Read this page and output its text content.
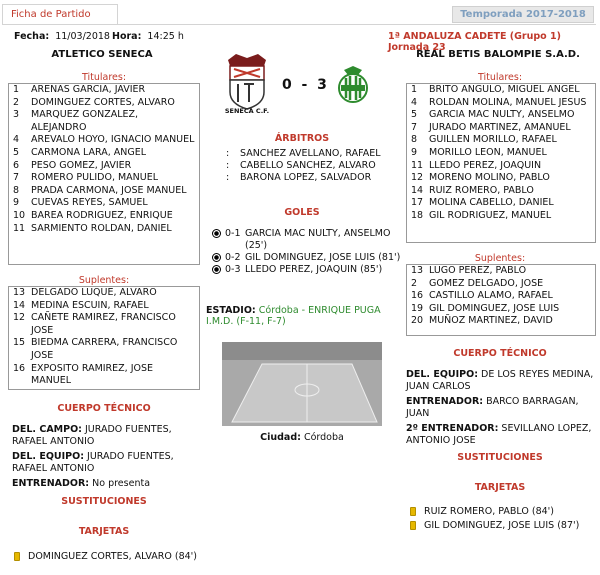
Ficha de Partido	Temporada 2017-2018
Fecha: 11/03/2018 Hora: 14:25 h	1ª ANDALUZA CADETE (Grupo 1)    Jornada 23
ATLETICO SENECA	REAL BETIS BALOMPIE S.A.D.
SENECA C.F.
0 - 3
Titulares:
1	ARENAS GARCIA, JAVIER
2	DOMINGUEZ CORTES, ALVARO
3	MARQUEZ GONZALEZ, ALEJANDRO
4	AREVALO HOYO, IGNACIO MANUEL
5	CARMONA LARA, ANGEL
6	PESO GOMEZ, JAVIER
7	ROMERO PULIDO, MANUEL
8	PRADA CARMONA, JOSE MANUEL
9	CUEVAS REYES, SAMUEL
10 BAREA RODRIGUEZ, ENRIQUE
11 SARMIENTO ROLDAN, DANIEL
Suplentes:
13 DELGADO LUQUE, ALVARO
14 MEDINA ESCUIN, RAFAEL
12 CAÑETE RAMIREZ, FRANCISCO JOSE
15 BIEDMA CARRERA, FRANCISCO JOSE
16 EXPOSITO RAMIREZ, JOSE MANUEL
CUERPO TÉCNICO
DEL. CAMPO: JURADO FUENTES, RAFAEL ANTONIO
DEL. EQUIPO: JURADO FUENTES, RAFAEL ANTONIO
ENTRENADOR: No presenta
SUSTITUCIONES
TARJETAS
DOMINGUEZ CORTES, ALVARO (84')
Titulares:
1	BRITO ANGULO, MIGUEL ANGEL
4	ROLDAN MOLINA, MANUEL JESUS
5	GARCIA MAC NULTY, ANSELMO
7	JURADO MARTINEZ, AMANUEL
8	GUILLEN MORILLO, RAFAEL
9	MORILLO LEON, MANUEL
11 LLEDO PEREZ, JOAQUIN
12 MORENO MOLINO, PABLO
14 RUIZ ROMERO, PABLO
17 MOLINA CABELLO, DANIEL
18 GIL RODRIGUEZ, MANUEL
Suplentes:
13 LUGO PEREZ, PABLO
2	GOMEZ DELGADO, JOSE
16 CASTILLO ALAMO, RAFAEL
19 GIL DOMINGUEZ, JOSE LUIS
20 MUÑOZ MARTINEZ, DAVID
CUERPO TÉCNICO
DEL. EQUIPO: DE LOS REYES MEDINA, JUAN CARLOS
ENTRENADOR: BARCO BARRAGAN, JUAN
2º ENTRENADOR: SEVILLANO LOPEZ, ANTONIO JOSE
SUSTITUCIONES
TARJETAS
RUIZ ROMERO, PABLO (84')
GIL DOMINGUEZ, JOSE LUIS (87')
ÁRBITROS
: SANCHEZ AVELLANO, RAFAEL
: CABELLO SANCHEZ, ALVARO
: BARONA LOPEZ, SALVADOR
GOLES
0-1 GARCIA MAC NULTY, ANSELMO (25')
0-2 GIL DOMINGUEZ, JOSE LUIS (81')
0-3 LLEDO PEREZ, JOAQUIN (85')
ESTADIO: Córdoba - ENRIQUE PUGA I.M.D. (F-11, F-7)
Ciudad: Córdoba
